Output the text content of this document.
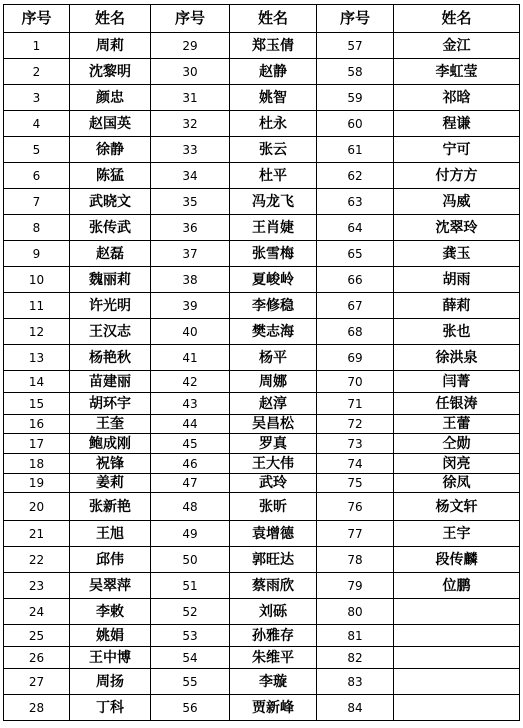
序号	姓名	序号	姓名	序号	姓名
1	周莉	29	郑玉倩	57	金江
2	沈黎明	30	赵静	58	李虹莹
3	颜忠	31	姚智	59	祁晗
4	赵国英	32	杜永	60	程谦
5	徐静	33	张云	61	宁可
6	陈猛	34	杜平	62	付方方
7	武晓文	35	冯龙飞	63	冯威
8	张传武	36	王肖婕	64	沈翠玲
9	赵磊	37	张雪梅	65	龚玉
10	魏丽莉	38	夏峻岭	66	胡雨
11	许光明	39	李修稳	67	薛莉
12	王汉志	40	樊志海	68	张也
13	杨艳秋	41	杨平	69	徐洪泉
14	苗建丽	42	周娜	70	闫菁
15	胡环宇	43	赵淳	71	任银涛
16	王奎	44	吴昌松	72	王蕾
17	鲍成刚	45	罗真	73	仝勋
18	祝锋	46	王大伟	74	闵亮
19	姜莉	47	武玲	75	徐凤
20	张新艳	48	张昕	76	杨文轩
21	王旭	49	袁增德	77	王宇
22	邱伟	50	郭旺达	78	段传麟
23	吴翠萍	51	蔡雨欣	79	位鹏
24	李敕	52	刘砾	80	
25	姚娟	53	孙雅存	81	
26	王中博	54	朱维平	82	
27	周扬	55	李璇	83	
28	丁科	56	贾新峰	84	
